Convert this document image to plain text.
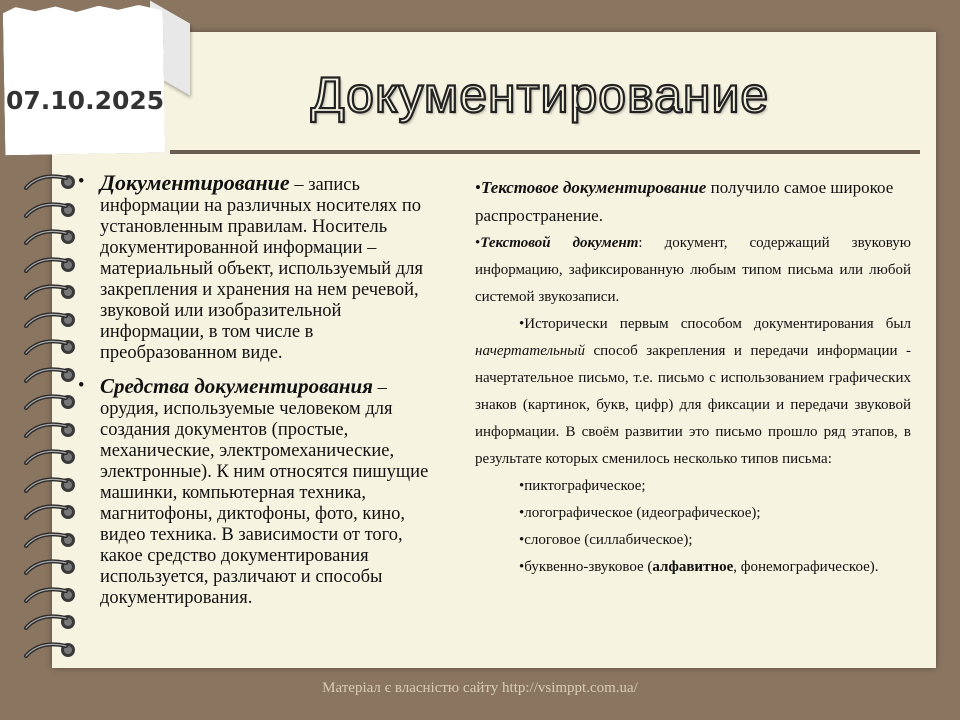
07.10.2025	Документирование

• Документирование – запись информации на различных носителях по установленным правилам. Носитель документированной информации – материальный объект, используемый для закрепления и хранения на нем речевой, звуковой или изобразительной информации, в том числе в преобразованном виде.

• Средства документирования – орудия, используемые человеком для создания документов (простые, механические, электромеханические, электронные). К ним относятся пишущие машинки, компьютерная техника, магнитофоны, диктофоны, фото, кино, видео техника. В зависимости от того, какое средство документирования используется, различают и способы документирования.

•Текстовое документирование получило самое широкое распространение.

•Текстовой документ: документ, содержащий звуковую информацию, зафиксированную любым типом письма или любой системой звукозаписи.

•Исторически первым способом документирования был начертательный способ закрепления и передачи информации - начертательное письмо, т.е. письмо с использованием графических знаков (картинок, букв, цифр) для фиксации и передачи звуковой информации. В своём развитии это письмо прошло ряд этапов, в результате которых сменилось несколько типов письма:

•пиктографическое;

•логографическое (идеографическое);

•слоговое (силлабическое);

•буквенно-звуковое (алфавитное, фонемографическое).

Матеріал є власністю сайту http://vsimppt.com.ua/
